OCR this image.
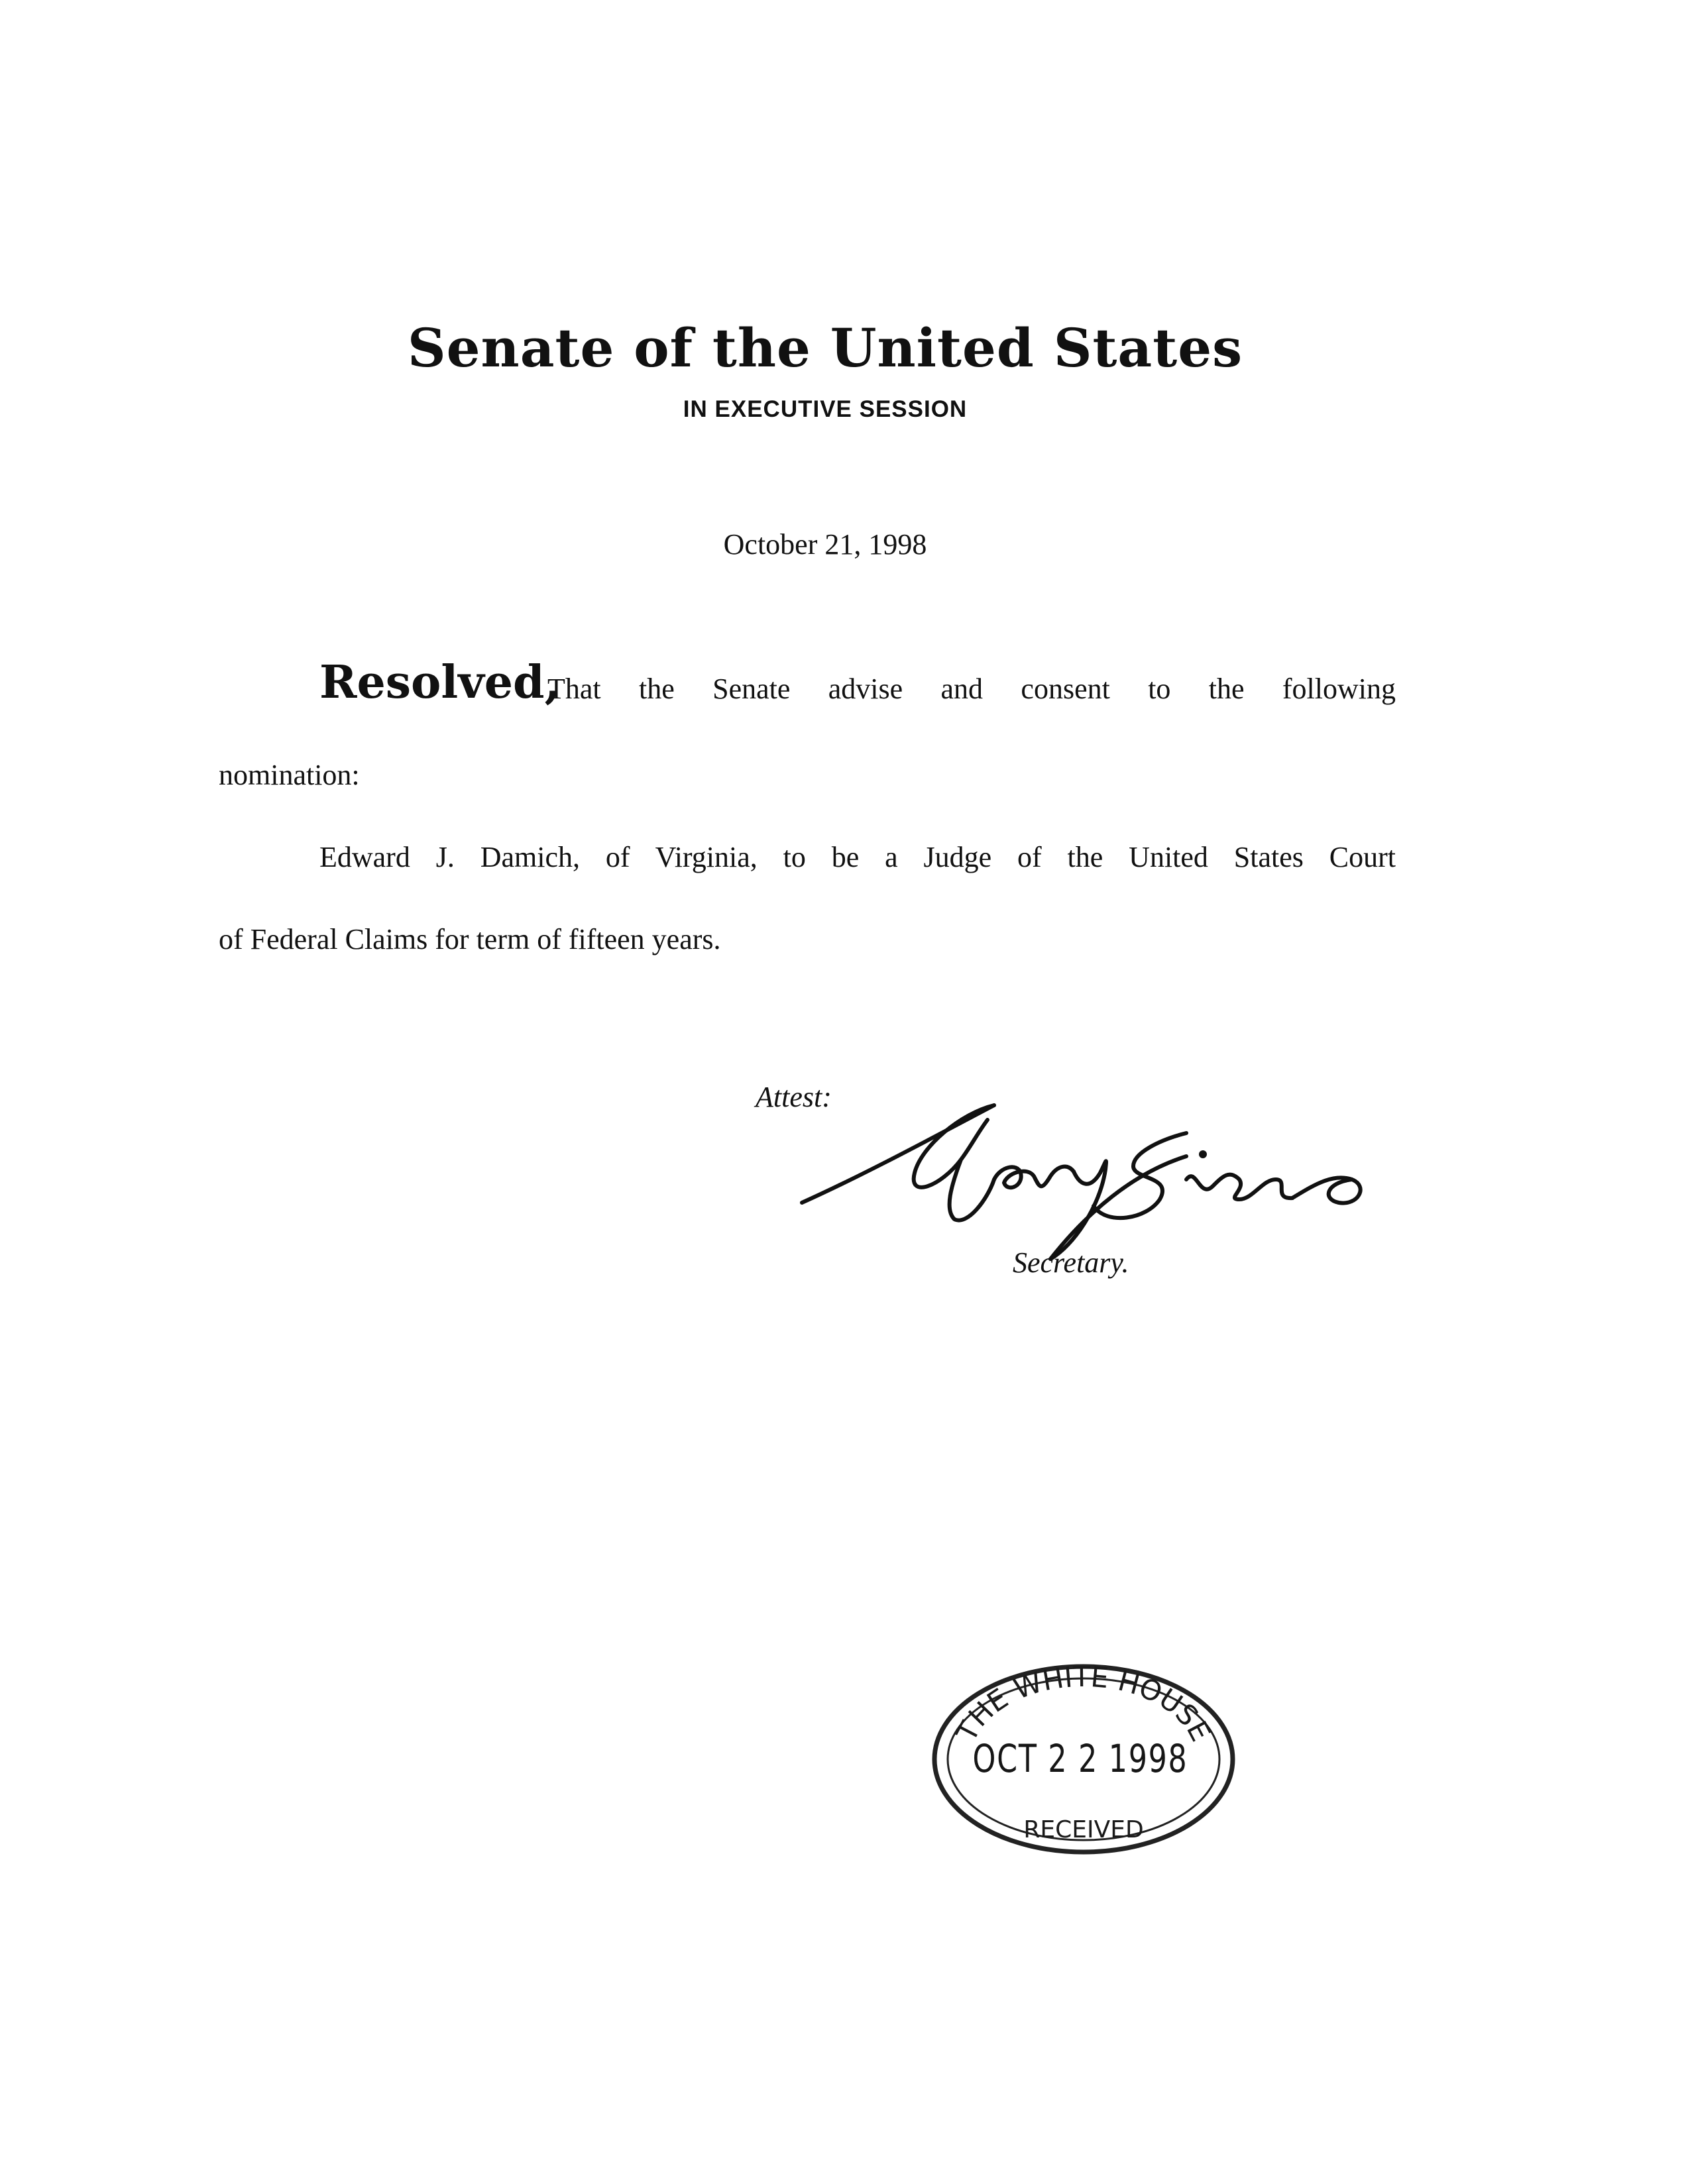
Senate of the United States
IN EXECUTIVE SESSION
October 21, 1998
Resolved,
That the Senate advise and consent to the following
nomination:
Edward J. Damich, of Virginia, to be a Judge of the United States Court
of Federal Claims for term of fifteen years.
Attest:
Secretary.
THE WHITE HOUSE
RECEIVED
OCT 2 2 1998
